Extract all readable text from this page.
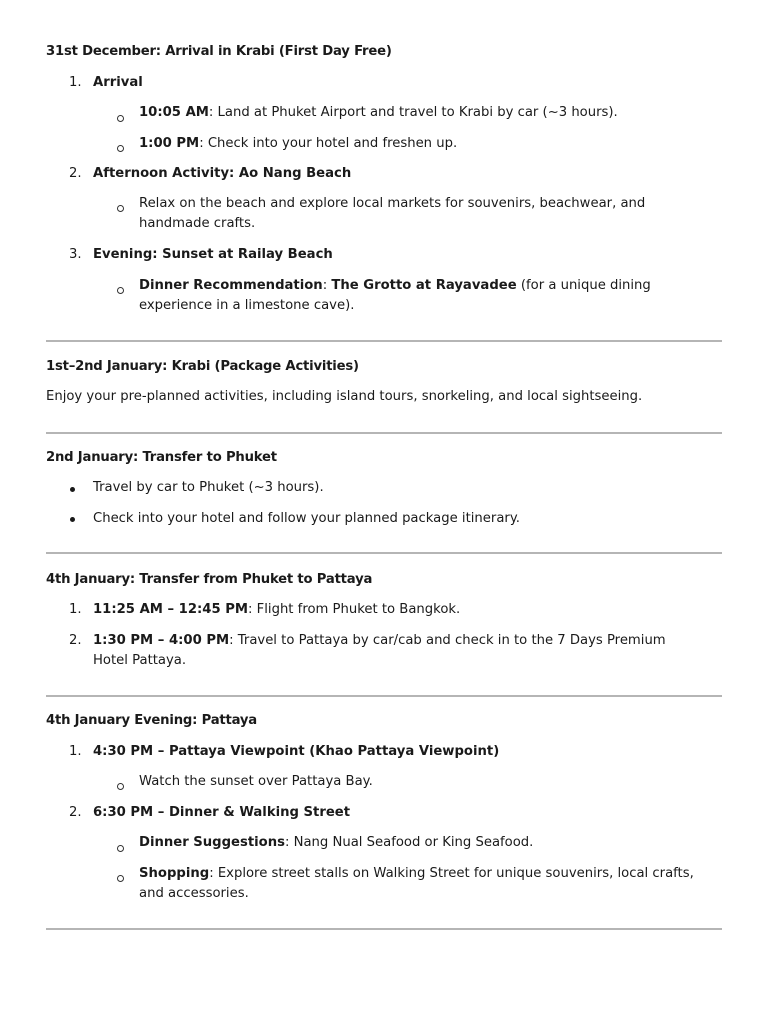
31st December: Arrival in Krabi (First Day Free)
1. Arrival
10:05 AM: Land at Phuket Airport and travel to Krabi by car (~3 hours).
1:00 PM: Check into your hotel and freshen up.
2. Afternoon Activity: Ao Nang Beach
Relax on the beach and explore local markets for souvenirs, beachwear, and handmade crafts.
3. Evening: Sunset at Railay Beach
Dinner Recommendation: The Grotto at Rayavadee (for a unique dining experience in a limestone cave).
1st–2nd January: Krabi (Package Activities)
Enjoy your pre-planned activities, including island tours, snorkeling, and local sightseeing.
2nd January: Transfer to Phuket
Travel by car to Phuket (~3 hours).
Check into your hotel and follow your planned package itinerary.
4th January: Transfer from Phuket to Pattaya
1. 11:25 AM – 12:45 PM: Flight from Phuket to Bangkok.
2. 1:30 PM – 4:00 PM: Travel to Pattaya by car/cab and check in to the 7 Days Premium Hotel Pattaya.
4th January Evening: Pattaya
1. 4:30 PM – Pattaya Viewpoint (Khao Pattaya Viewpoint)
Watch the sunset over Pattaya Bay.
2. 6:30 PM – Dinner & Walking Street
Dinner Suggestions: Nang Nual Seafood or King Seafood.
Shopping: Explore street stalls on Walking Street for unique souvenirs, local crafts, and accessories.
